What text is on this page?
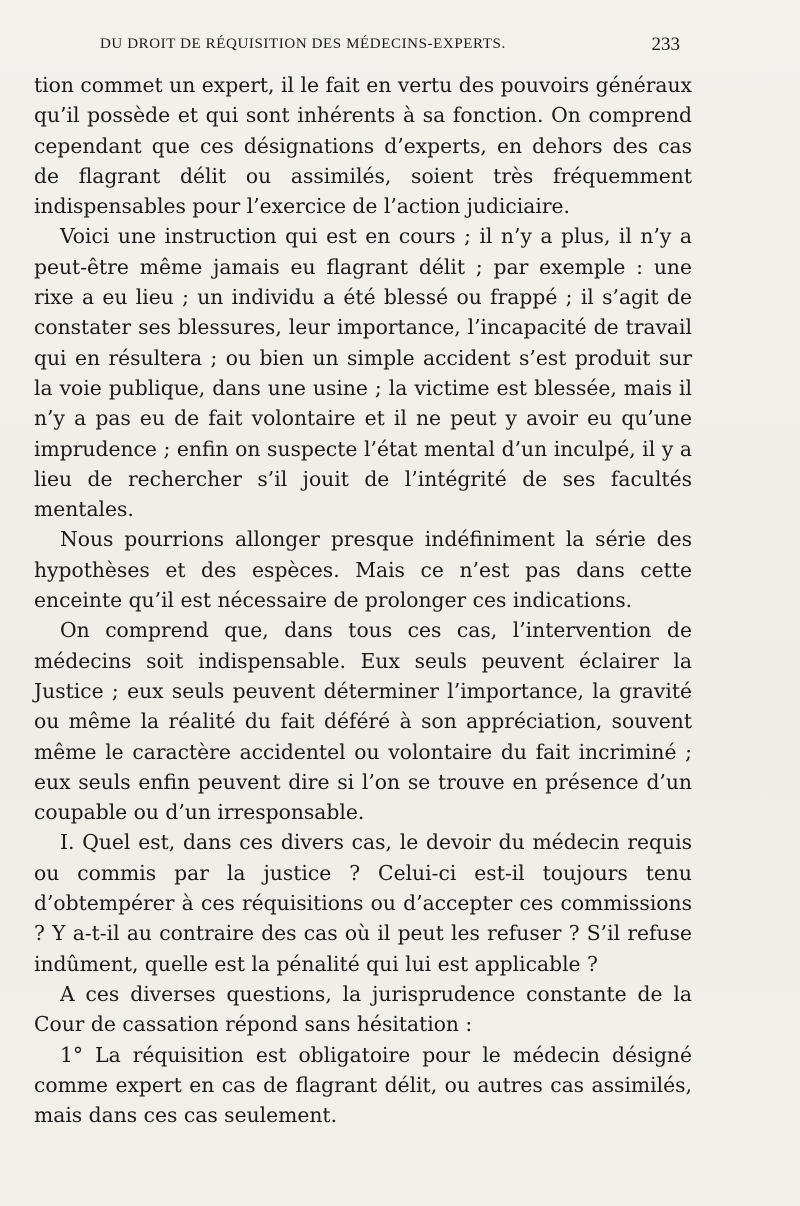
DU DROIT DE RÉQUISITION DES MÉDECINS-EXPERTS.	233

tion commet un expert, il le fait en vertu des pouvoirs généraux qu’il possède et qui sont inhérents à sa fonction. On comprend cependant que ces désignations d’experts, en dehors des cas de flagrant délit ou assimilés, soient très fréquemment indispensables pour l’exercice de l’action judiciaire.

Voici une instruction qui est en cours ; il n’y a plus, il n’y a peut-être même jamais eu flagrant délit ; par exemple : une rixe a eu lieu ; un individu a été blessé ou frappé ; il s’agit de constater ses blessures, leur importance, l’incapacité de travail qui en résultera ; ou bien un simple accident s’est produit sur la voie publique, dans une usine ; la victime est blessée, mais il n’y a pas eu de fait volontaire et il ne peut y avoir eu qu’une imprudence ; enfin on suspecte l’état mental d’un inculpé, il y a lieu de rechercher s’il jouit de l’intégrité de ses facultés mentales.

Nous pourrions allonger presque indéfiniment la série des hypothèses et des espèces. Mais ce n’est pas dans cette enceinte qu’il est nécessaire de prolonger ces indications.

On comprend que, dans tous ces cas, l’intervention de médecins soit indispensable. Eux seuls peuvent éclairer la Justice ; eux seuls peuvent déterminer l’importance, la gravité ou même la réalité du fait déféré à son appréciation, souvent même le caractère accidentel ou volontaire du fait incriminé ; eux seuls enfin peuvent dire si l’on se trouve en présence d’un coupable ou d’un irresponsable.

I. Quel est, dans ces divers cas, le devoir du médecin requis ou commis par la justice ? Celui-ci est-il toujours tenu d’obtempérer à ces réquisitions ou d’accepter ces commissions ? Y a-t-il au contraire des cas où il peut les refuser ? S’il refuse indûment, quelle est la pénalité qui lui est applicable ?

A ces diverses questions, la jurisprudence constante de la Cour de cassation répond sans hésitation :

1° La réquisition est obligatoire pour le médecin désigné comme expert en cas de flagrant délit, ou autres cas assimilés, mais dans ces cas seulement.
